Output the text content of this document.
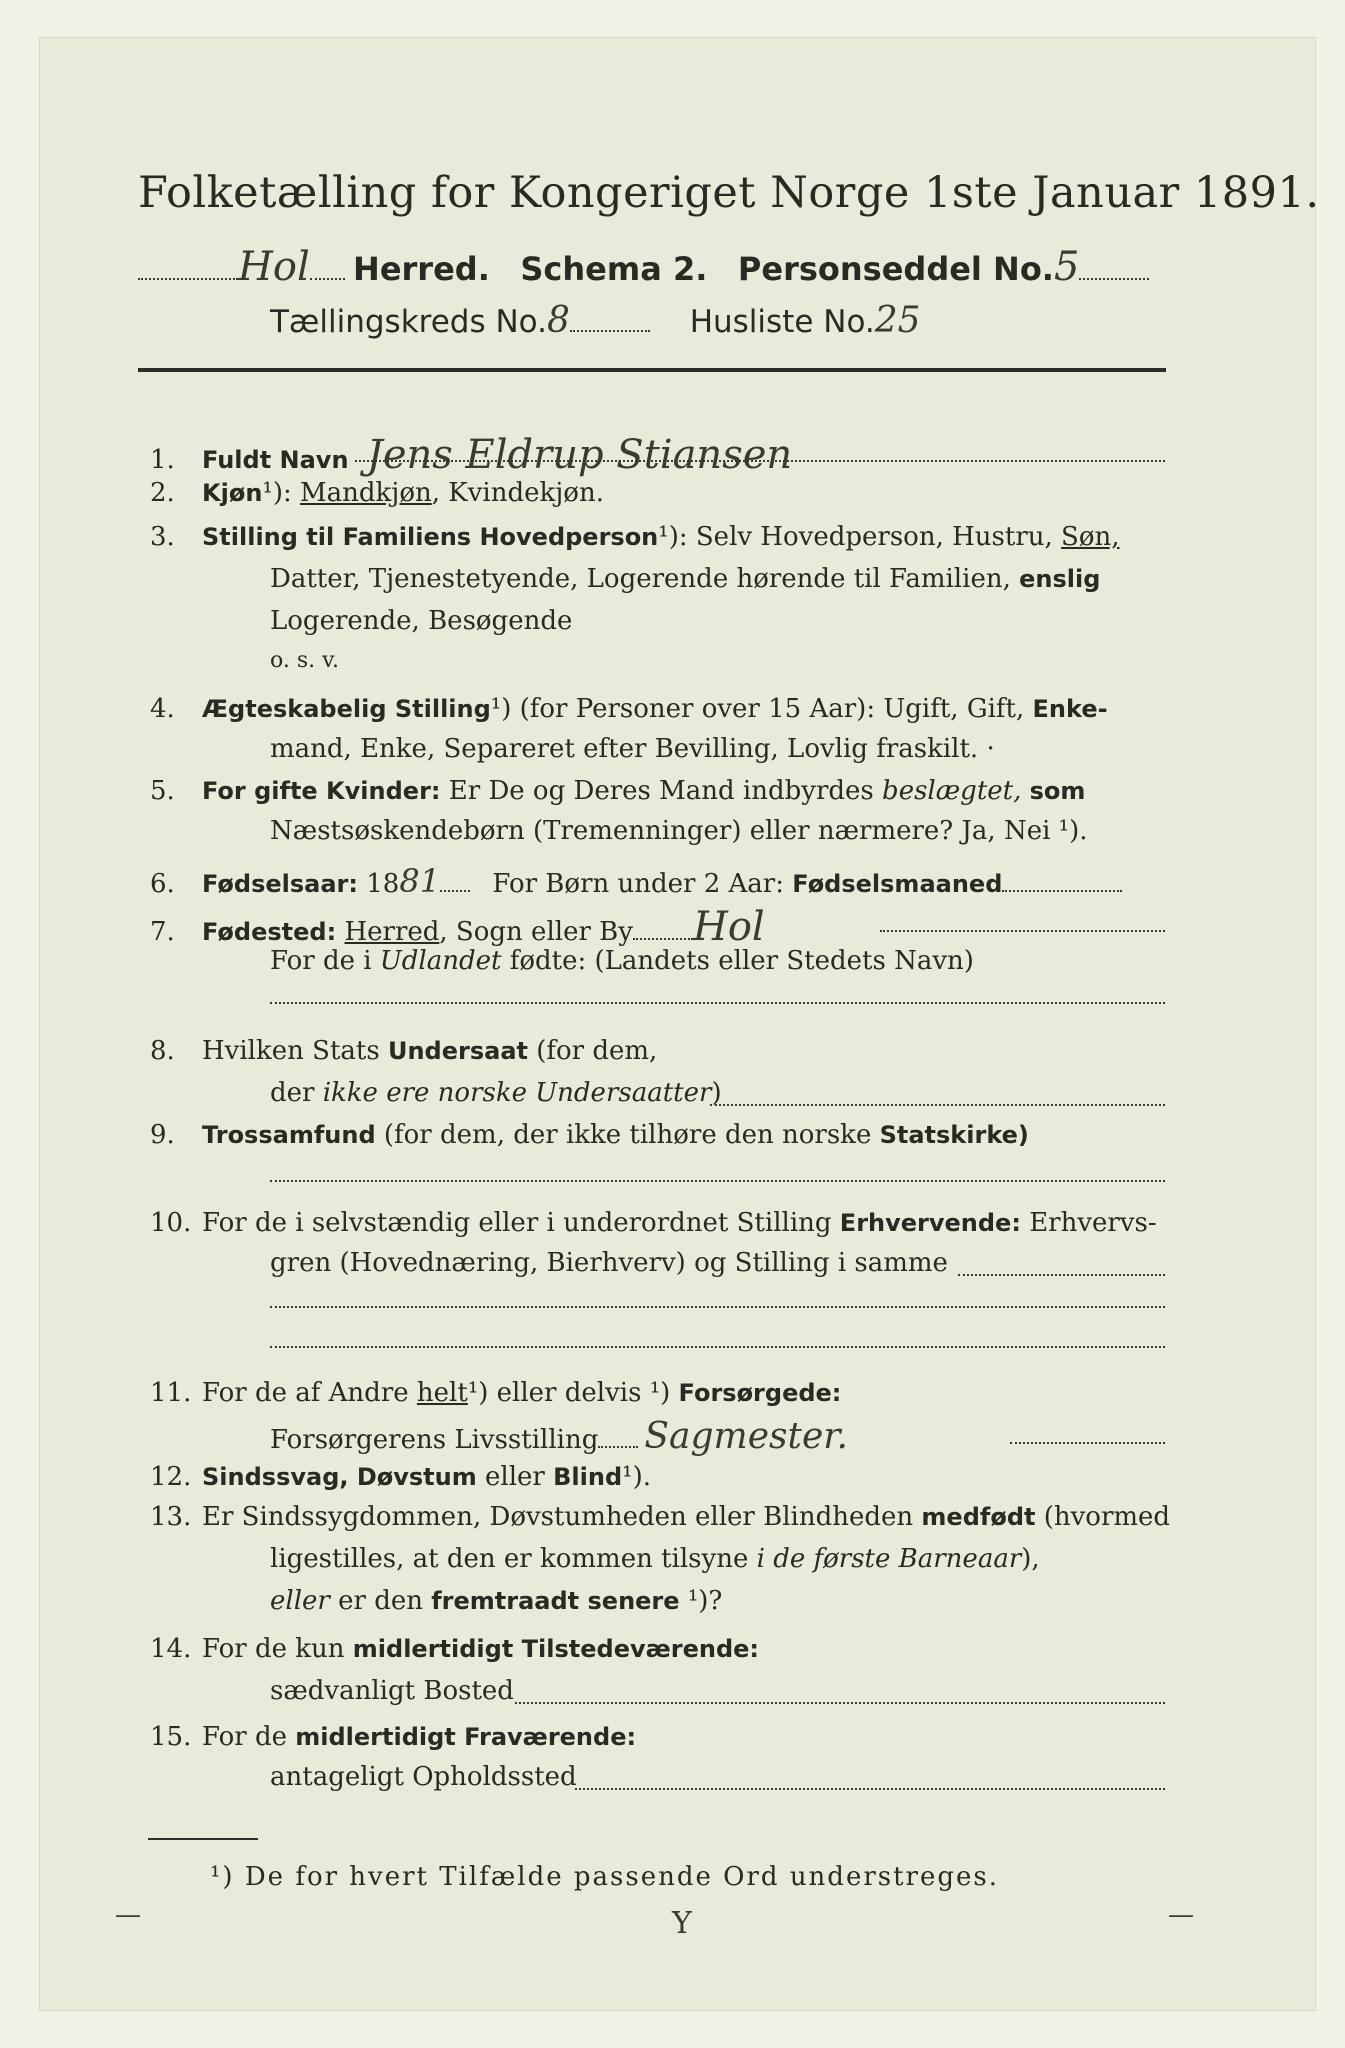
Folketælling for Kongeriget Norge 1ste Januar 1891.
Hol Herred. Schema 2. Personseddel No.5
Tællingskreds No.8	Husliste No.25
1. Fuldt Navn Jens Eldrup Stiansen
2. Kjøn¹): Mandkjøn, Kvindekjøn.
3. Stilling til Familiens Hovedperson¹): Selv Hovedperson, Hustru, Søn,
Datter, Tjenestetyende, Logerende hørende til Familien, enslig
Logerende, Besøgende
o. s. v.
4. Ægteskabelig Stilling¹) (for Personer over 15 Aar): Ugift, Gift, Enke-
mand, Enke, Separeret efter Bevilling, Lovlig fraskilt. ·
5. For gifte Kvinder: Er De og Deres Mand indbyrdes beslægtet, som
Næstsøskendebørn (Tremenninger) eller nærmere? Ja, Nei ¹).
6. Fødselsaar: 1881 For Børn under 2 Aar: Fødselsmaaned
7. Fødested: Herred, Sogn eller By Hol
For de i Udlandet fødte: (Landets eller Stedets Navn)
8. Hvilken Stats Undersaat (for dem,
der ikke ere norske Undersaatter)
9. Trossamfund (for dem, der ikke tilhøre den norske Statskirke)
10. For de i selvstændig eller i underordnet Stilling Erhvervende: Erhvervs-
gren (Hovednæring, Bierhverv) og Stilling i samme
11. For de af Andre helt¹) eller delvis ¹) Forsørgede:
Forsørgerens Livsstilling Sagmester.
12. Sindssvag, Døvstum eller Blind¹).
13. Er Sindssygdommen, Døvstumheden eller Blindheden medfødt (hvormed
ligestilles, at den er kommen tilsyne i de første Barneaar),
eller er den fremtraadt senere ¹)?
14. For de kun midlertidigt Tilstedeværende:
sædvanligt Bosted
15. For de midlertidigt Fraværende:
antageligt Opholdssted
¹) De for hvert Tilfælde passende Ord understreges.
—	Y	—
